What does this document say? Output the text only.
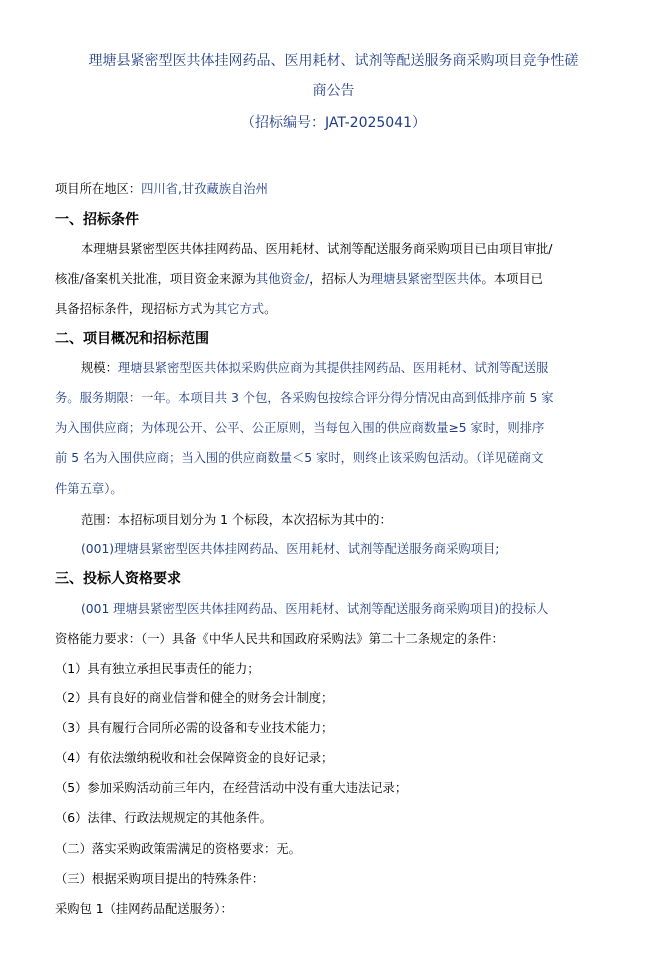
理塘县紧密型医共体挂网药品、医用耗材、试剂等配送服务商采购项目竞争性磋
商公告
（招标编号：JAT-2025041）
项目所在地区：四川省,甘孜藏族自治州
一、招标条件
本理塘县紧密型医共体挂网药品、医用耗材、试剂等配送服务商采购项目已由项目审批/
核准/备案机关批准，项目资金来源为其他资金/，招标人为理塘县紧密型医共体。本项目已
具备招标条件，现招标方式为其它方式。
二、项目概况和招标范围
规模：理塘县紧密型医共体拟采购供应商为其提供挂网药品、医用耗材、试剂等配送服
务。服务期限：一年。本项目共 3 个包，各采购包按综合评分得分情况由高到低排序前 5 家
为入围供应商；为体现公开、公平、公正原则，当每包入围的供应商数量≥5 家时，则排序
前 5 名为入围供应商；当入围的供应商数量＜5 家时，则终止该采购包活动。（详见磋商文
件第五章）。
范围：本招标项目划分为 1 个标段，本次招标为其中的：
(001)理塘县紧密型医共体挂网药品、医用耗材、试剂等配送服务商采购项目;
三、投标人资格要求
(001 理塘县紧密型医共体挂网药品、医用耗材、试剂等配送服务商采购项目)的投标人
资格能力要求：（一）具备《中华人民共和国政府采购法》第二十二条规定的条件：
（1）具有独立承担民事责任的能力；
（2）具有良好的商业信誉和健全的财务会计制度；
（3）具有履行合同所必需的设备和专业技术能力；
（4）有依法缴纳税收和社会保障资金的良好记录；
（5）参加采购活动前三年内，在经营活动中没有重大违法记录；
（6）法律、行政法规规定的其他条件。
（二）落实采购政策需满足的资格要求：无。
（三）根据采购项目提出的特殊条件：
采购包 1（挂网药品配送服务）：
